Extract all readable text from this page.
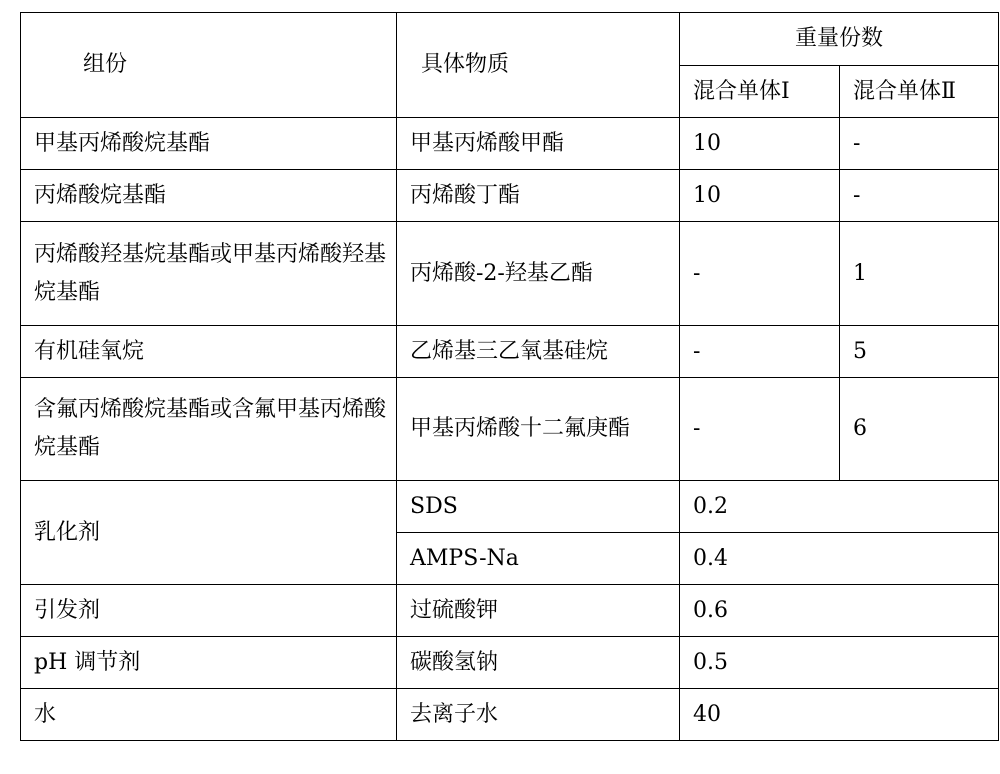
组份	具体物质	重量份数	
		混合单体Ⅰ	混合单体Ⅱ
甲基丙烯酸烷基酯	甲基丙烯酸甲酯	10	-
丙烯酸烷基酯	丙烯酸丁酯	10	-
丙烯酸羟基烷基酯或甲基丙烯酸羟基烷基酯	丙烯酸-2-羟基乙酯	-	1
有机硅氧烷	乙烯基三乙氧基硅烷	-	5
含氟丙烯酸烷基酯或含氟甲基丙烯酸烷基酯	甲基丙烯酸十二氟庚酯	-	6
乳化剂	SDS	0.2	
	AMPS-Na	0.4	
引发剂	过硫酸钾	0.6	
pH 调节剂	碳酸氢钠	0.5	
水	去离子水	40	
